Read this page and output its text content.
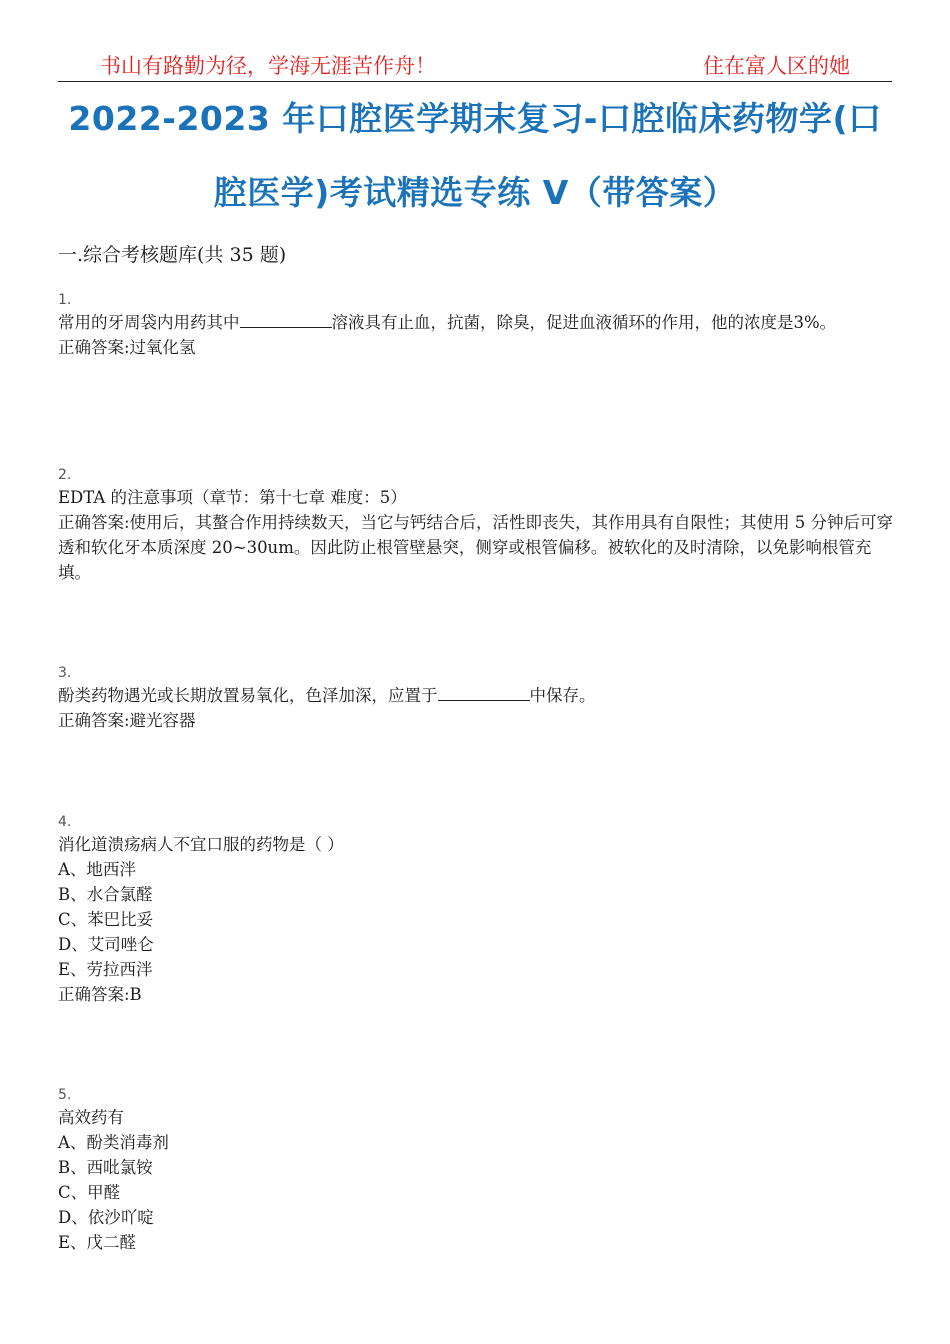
书山有路勤为径，学海无涯苦作舟！	住在富人区的她
2022-2023 年口腔医学期末复习-口腔临床药物学(口
腔医学)考试精选专练 V（带答案）
一.综合考核题库(共 35 题)
1.
常用的牙周袋内用药其中	溶液具有止血，抗菌，除臭，促进血液循环的作用，他的浓度是3%。
正确答案:过氧化氢
2.
EDTA 的注意事项（章节：第十七章 难度：5）
正确答案:使用后，其螯合作用持续数天，当它与钙结合后，活性即丧失，其作用具有自限性；其使用 5 分钟后可穿透和软化牙本质深度 20~30um。因此防止根管壁悬突，侧穿或根管偏移。被软化的及时清除，以免影响根管充填。
3.
酚类药物遇光或长期放置易氧化，色泽加深，应置于	中保存。
正确答案:避光容器
4.
消化道溃疡病人不宜口服的药物是（ ）
A、地西泮
B、水合氯醛
C、苯巴比妥
D、艾司唑仑
E、劳拉西泮
正确答案:B
5.
高效药有
A、酚类消毒剂
B、西吡氯铵
C、甲醛
D、依沙吖啶
E、戊二醛
